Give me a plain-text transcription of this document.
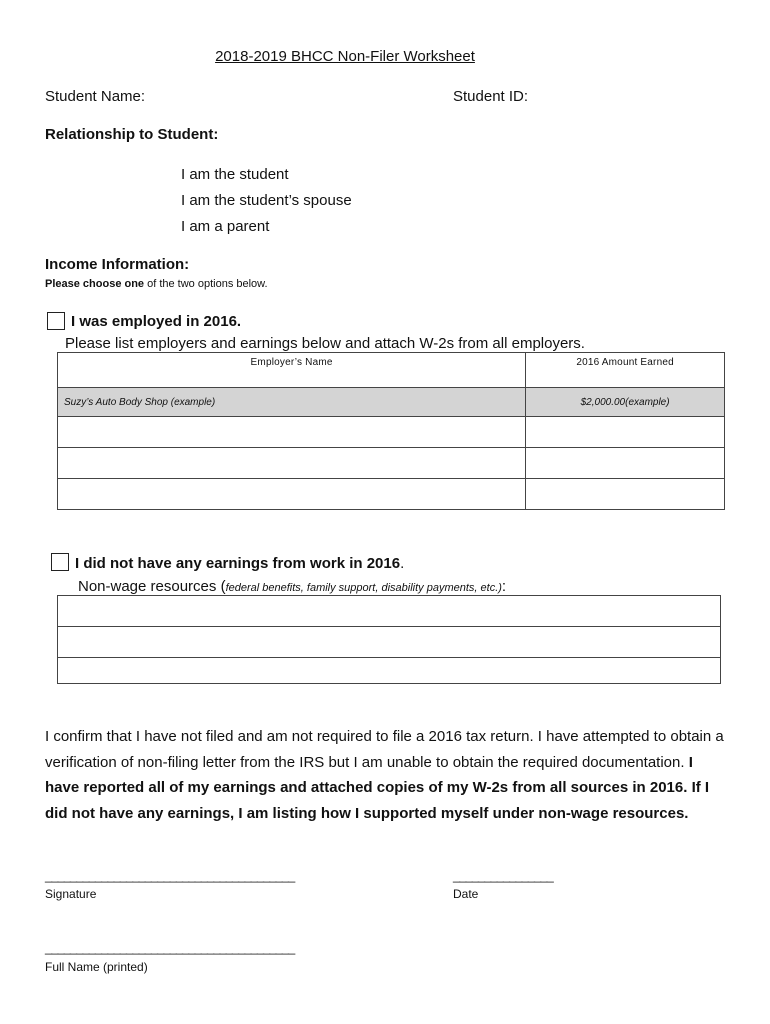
2018-2019 BHCC Non-Filer Worksheet
Student Name:	Student ID:
Relationship to Student:
I am the student
I am the student’s spouse
I am a parent
Income Information:
Please choose one of the two options below.
I was employed in 2016.
Please list employers and earnings below and attach W-2s from all employers.
Employer’s Name	2016 Amount Earned
Suzy’s Auto Body Shop (example)	$2,000.00(example)

I did not have any earnings from work in 2016.
Non-wage resources (federal benefits, family support, disability payments, etc.):

I confirm that I have not filed and am not required to file a 2016 tax return. I have attempted to obtain a verification of non-filing letter from the IRS but I am unable to obtain the required documentation. I have reported all of my earnings and attached copies of my W-2s from all sources in 2016. If I did not have any earnings, I am listing how I supported myself under non-wage resources.
________________________________________
Signature
________________
Date
________________________________________
Full Name (printed)
